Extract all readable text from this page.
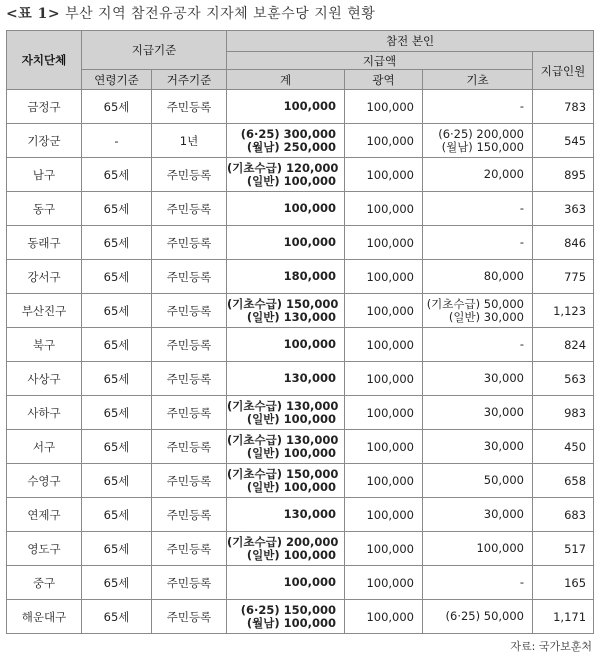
<표 1> 부산 지역 참전유공자 지자체 보훈수당 지원 현황
자치단체	지급기준		참전 본인			
			지급액			지급인원
	연령기준	거주기준	계	광역	기초	
금정구	65세	주민등록	100,000	100,000	-	783
기장군	-	1년	(6·25) 300,000
(월남) 250,000	100,000	(6·25) 200,000
(월남) 150,000	545
남구	65세	주민등록	(기초수급) 120,000
(일반) 100,000	100,000	20,000	895
동구	65세	주민등록	100,000	100,000	-	363
동래구	65세	주민등록	100,000	100,000	-	846
강서구	65세	주민등록	180,000	100,000	80,000	775
부산진구	65세	주민등록	(기초수급) 150,000
(일반) 130,000	100,000	(기초수급) 50,000
(일반) 30,000	1,123
북구	65세	주민등록	100,000	100,000	-	824
사상구	65세	주민등록	130,000	100,000	30,000	563
사하구	65세	주민등록	(기초수급) 130,000
(일반) 100,000	100,000	30,000	983
서구	65세	주민등록	(기초수급) 130,000
(일반) 100,000	100,000	30,000	450
수영구	65세	주민등록	(기초수급) 150,000
(일반) 100,000	100,000	50,000	658
연제구	65세	주민등록	130,000	100,000	30,000	683
영도구	65세	주민등록	(기초수급) 200,000
(일반) 100,000	100,000	100,000	517
중구	65세	주민등록	100,000	100,000	-	165
해운대구	65세	주민등록	(6·25) 150,000
(월남) 100,000	100,000	(6·25) 50,000	1,171
자료: 국가보훈처
